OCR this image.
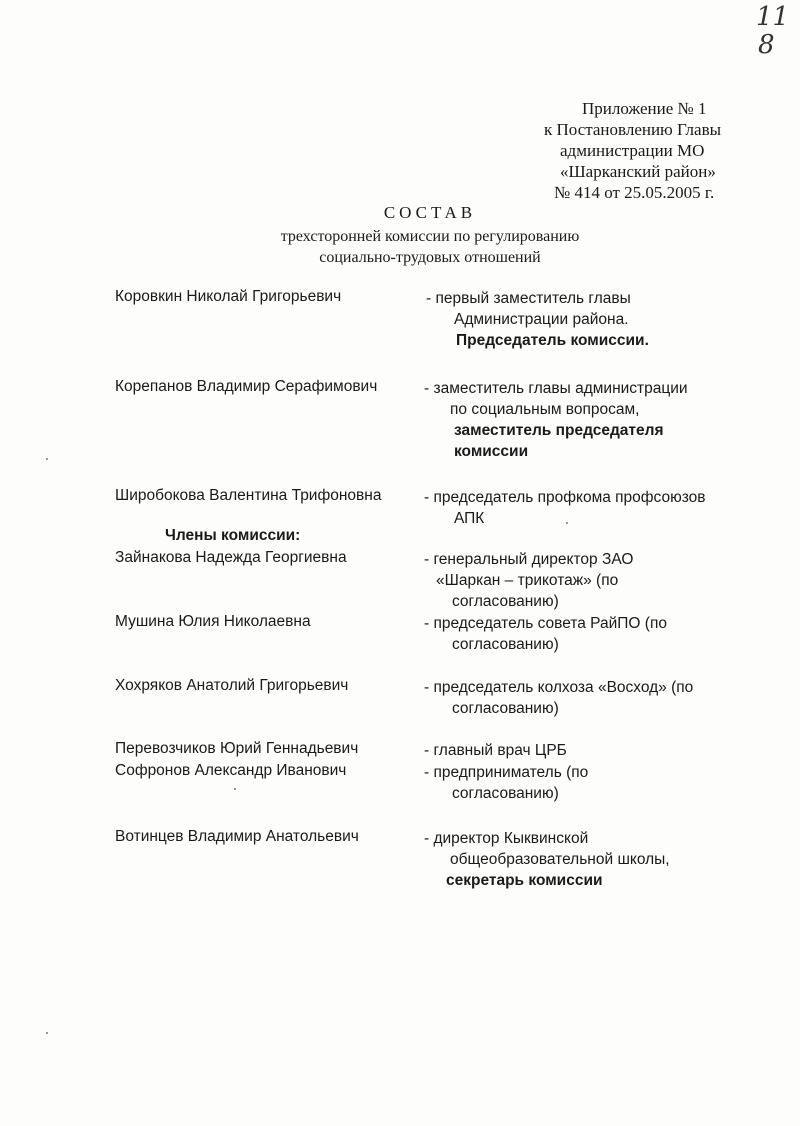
11
8
Приложение № 1
к Постановлению Главы
администрации МО
«Шарканский район»
№ 414 от 25.05.2005 г.
СОСТАВ
трехсторонней комиссии по регулированию
социально-трудовых отношений
Коровкин Николай Григорьевич	- первый заместитель главы
Администрации района.
Председатель комиссии.
Корепанов Владимир Серафимович	- заместитель главы администрации
по социальным вопросам,
заместитель председателя
комиссии
Широбокова Валентина Трифоновна	- председатель профкома профсоюзов
АПК
Члены комиссии:
Зайнакова Надежда Георгиевна	- генеральный директор ЗАО
«Шаркан – трикотаж» (по
согласованию)
Мушина Юлия Николаевна	- председатель совета РайПО (по
согласованию)
Хохряков Анатолий Григорьевич	- председатель колхоза «Восход» (по
согласованию)
Перевозчиков Юрий Геннадьевич	- главный врач ЦРБ
Софронов Александр Иванович	- предприниматель (по
согласованию)
Вотинцев Владимир Анатольевич	- директор Кыквинской
общеобразовательной школы,
секретарь комиссии
